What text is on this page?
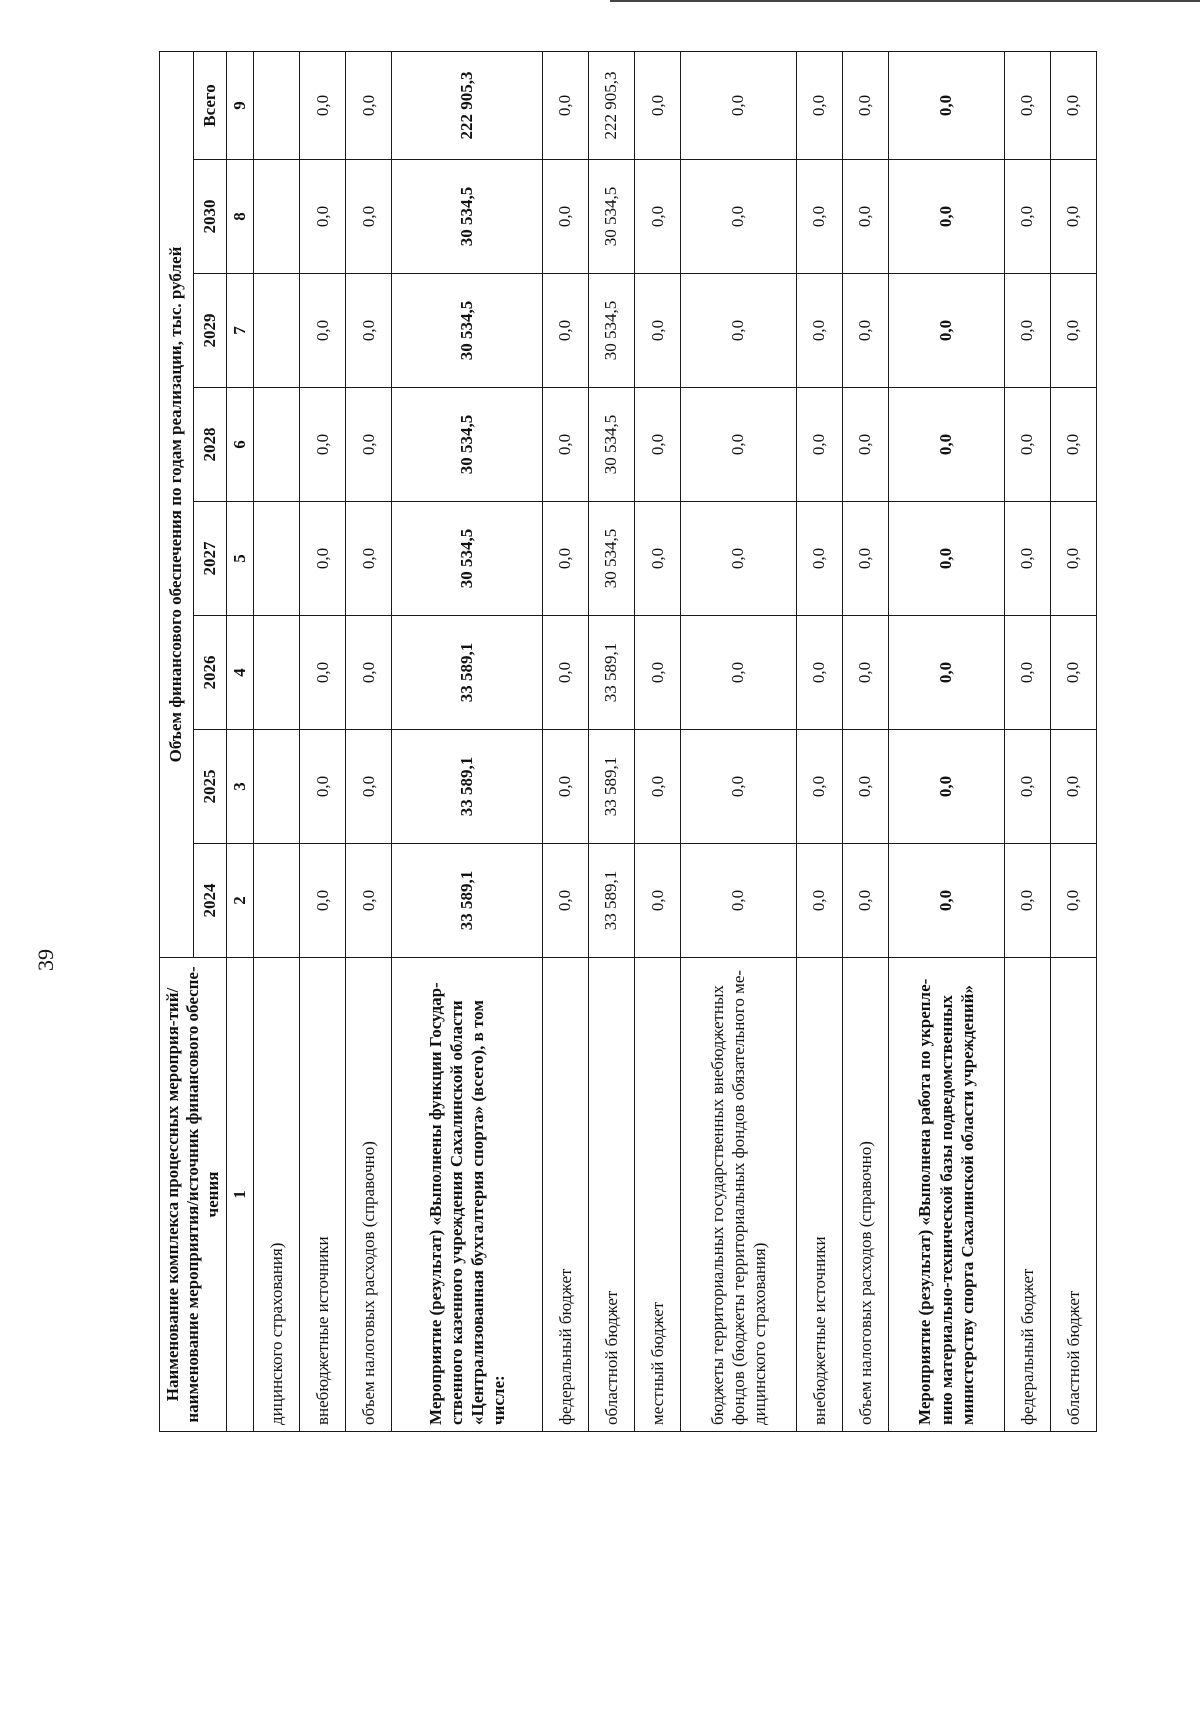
39
Наименование комплекса процессных мероприя-тий/наименование мероприятия/источник финансового обеспе-чения	Объем финансового обеспечения по годам реализации, тыс. рублей							
	2024	2025	2026	2027	2028	2029	2030	Всего
1	2	3	4	5	6	7	8	9
дицинского страхования)								
внебюджетные источники	0,0	0,0	0,0	0,0	0,0	0,0	0,0	0,0
объем налоговых расходов (справочно)	0,0	0,0	0,0	0,0	0,0	0,0	0,0	0,0
Мероприятие (результат) «Выполнены функции Государ-ственного казенного учреждения Сахалинской области «Централизованная бухгалтерия спорта» (всего), в том числе:	33 589,1	33 589,1	33 589,1	30 534,5	30 534,5	30 534,5	30 534,5	222 905,3
федеральный бюджет	0,0	0,0	0,0	0,0	0,0	0,0	0,0	0,0
областной бюджет	33 589,1	33 589,1	33 589,1	30 534,5	30 534,5	30 534,5	30 534,5	222 905,3
местный бюджет	0,0	0,0	0,0	0,0	0,0	0,0	0,0	0,0
бюджеты территориальных государственных внебюджетных фондов (бюджеты территориальных фондов обязательного ме-дицинского страхования)	0,0	0,0	0,0	0,0	0,0	0,0	0,0	0,0
внебюджетные источники	0,0	0,0	0,0	0,0	0,0	0,0	0,0	0,0
объем налоговых расходов (справочно)	0,0	0,0	0,0	0,0	0,0	0,0	0,0	0,0
Мероприятие (результат) «Выполнена работа по укрепле-нию материально-технической базы подведомственных министерству спорта Сахалинской области учреждений»	0,0	0,0	0,0	0,0	0,0	0,0	0,0	0,0
федеральный бюджет	0,0	0,0	0,0	0,0	0,0	0,0	0,0	0,0
областной бюджет	0,0	0,0	0,0	0,0	0,0	0,0	0,0	0,0
